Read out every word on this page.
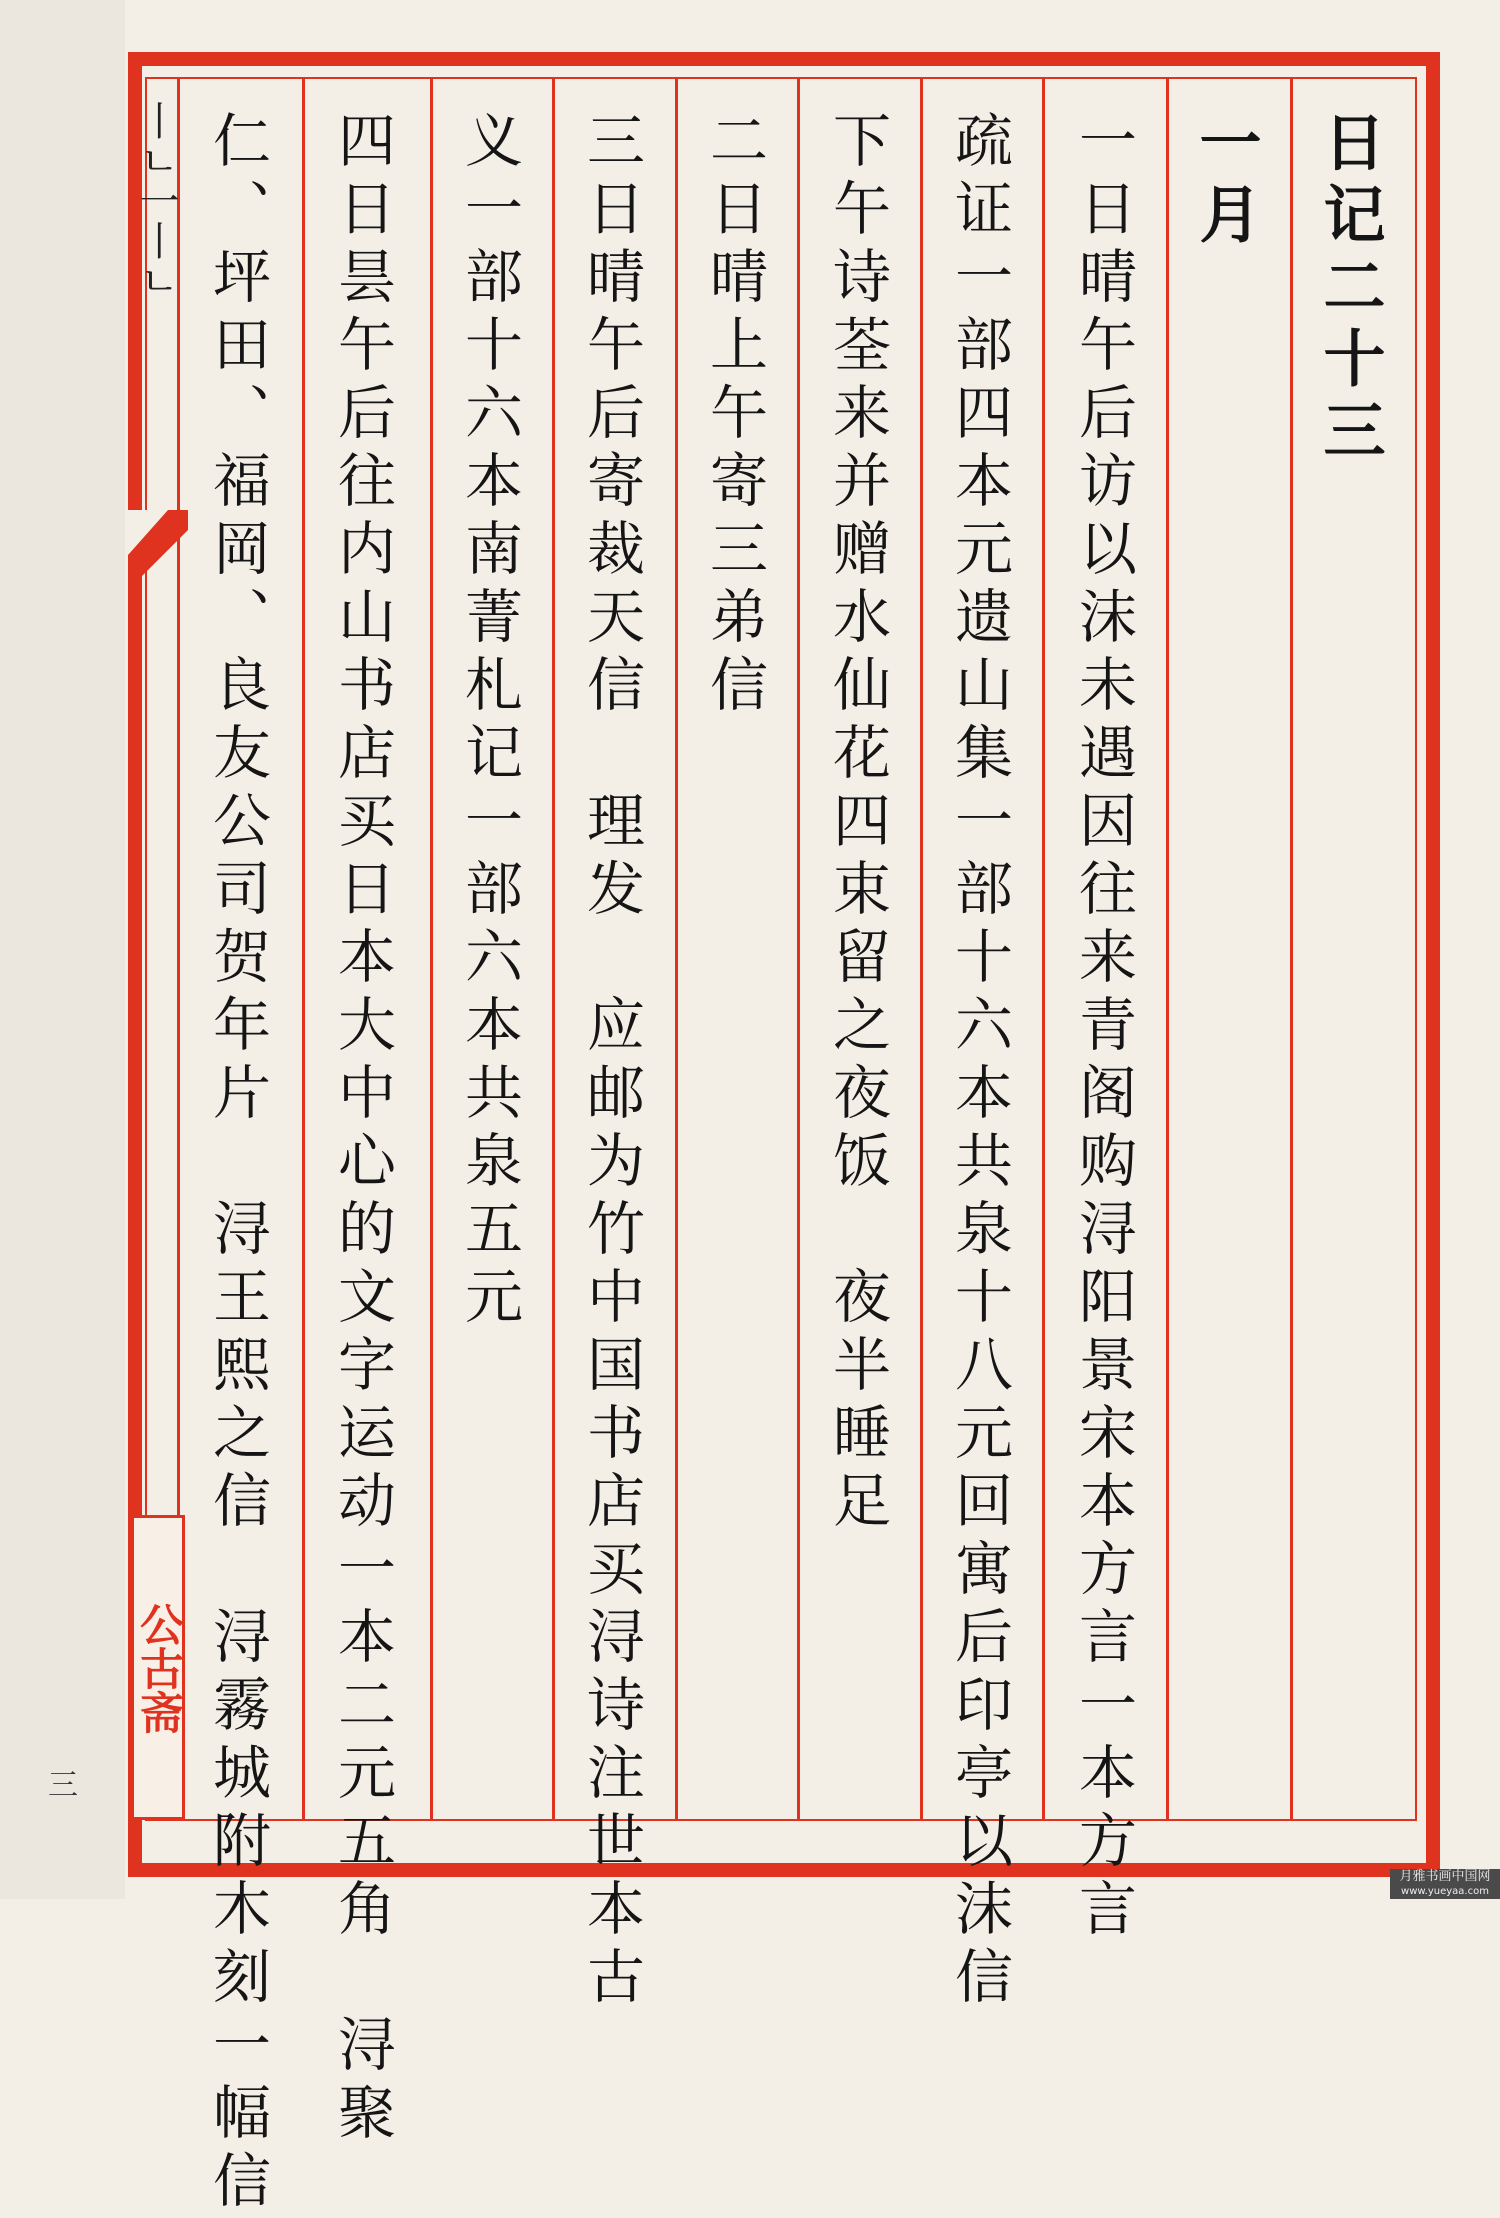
三
丨ㄴ一丨ㄴ	日记二十三
一月
一日晴午后访以沫未遇因往来青阁购浔阳景宋本方言一本方言
疏证一部四本元遗山集一部十六本共泉十八元回寓后印亭以沫信
下午诗荃来并赠水仙花四束留之夜饭　夜半睡足
二日晴上午寄三弟信
三日晴午后寄裁天信　理发　应邮为竹中国书店买浔诗注世本古
义一部十六本南菁札记一部六本共泉五元
四日昙午后往内山书店买日本大中心的文字运动一本二元五角　浔聚
仁、坪田、福岡、良友公司贺年片　浔王熙之信　浔霧城附木刻一幅信
公古斋
月雅书画中国网
www.yueyaa.com
